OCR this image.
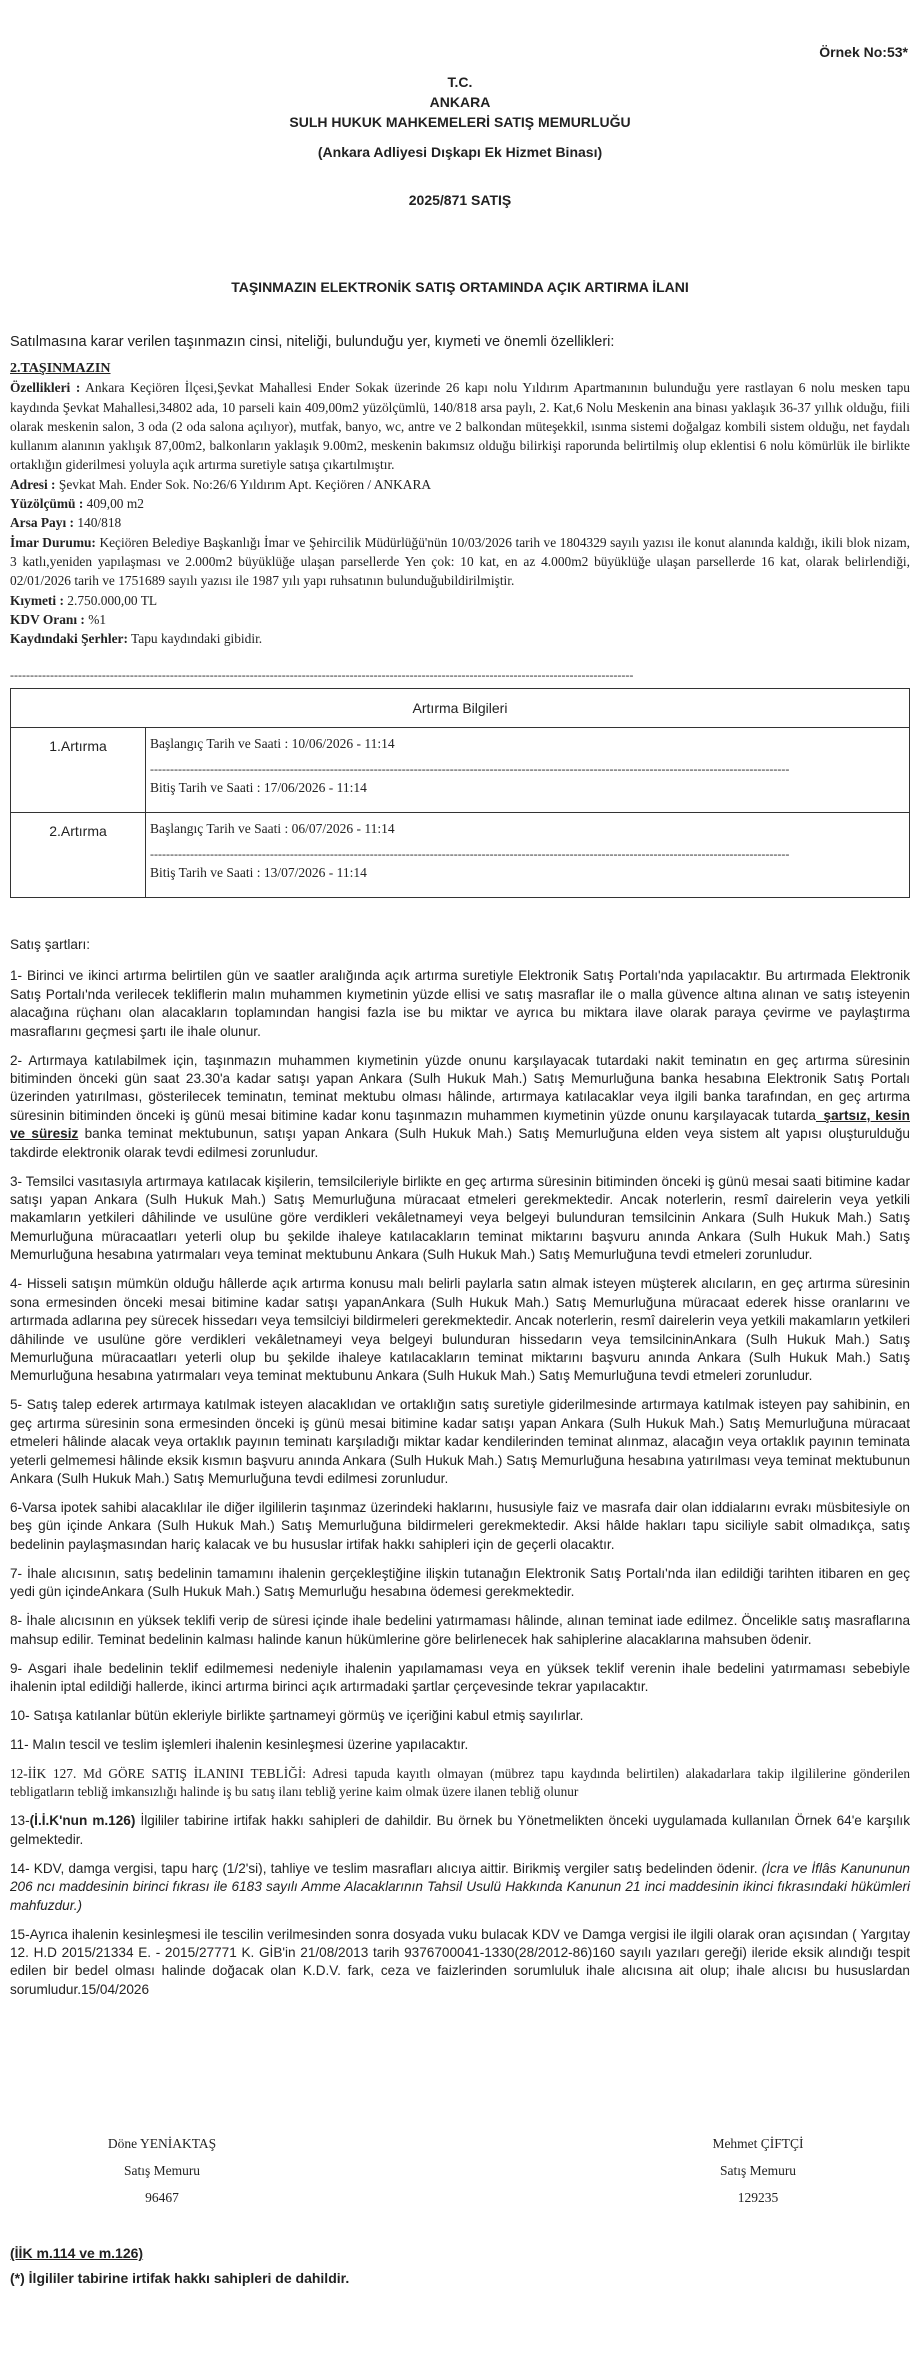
Örnek No:53*
T.C.
ANKARA
SULH HUKUK MAHKEMELERİ SATIŞ MEMURLUĞU
(Ankara Adliyesi Dışkapı Ek Hizmet Binası)
2025/871 SATIŞ
TAŞINMAZIN ELEKTRONİK SATIŞ ORTAMINDA AÇIK ARTIRMA İLANI
Satılmasına karar verilen taşınmazın cinsi, niteliği, bulunduğu yer, kıymeti ve önemli özellikleri:

2.TAŞINMAZIN

Özellikleri : Ankara Keçiören İlçesi,Şevkat Mahallesi Ender Sokak üzerinde 26 kapı nolu Yıldırım Apartmanının bulunduğu yere rastlayan 6 nolu mesken tapu kaydında Şevkat Mahallesi,34802 ada, 10 parseli kain 409,00m2 yüzölçümlü, 140/818 arsa paylı, 2. Kat,6 Nolu Meskenin ana binası yaklaşık 36-37 yıllık olduğu, fiili olarak meskenin salon, 3 oda (2 oda salona açılıyor), mutfak, banyo, wc, antre ve 2 balkondan müteşekkil, ısınma sistemi doğalgaz kombili sistem olduğu, net faydalı kullanım alanının yaklışık 87,00m2, balkonların yaklaşık 9.00m2, meskenin bakımsız olduğu bilirkişi raporunda belirtilmiş olup eklentisi 6 nolu kömürlük ile birlikte ortaklığın giderilmesi yoluyla açık artırma suretiyle satışa çıkartılmıştır.

Adresi : Şevkat Mah. Ender Sok. No:26/6 Yıldırım Apt. Keçiören / ANKARA

Yüzölçümü : 409,00 m2

Arsa Payı : 140/818

İmar Durumu: Keçiören Belediye Başkanlığı İmar ve Şehircilik Müdürlüğü'nün 10/03/2026 tarih ve 1804329 sayılı yazısı ile konut alanında kaldığı, ikili blok nizam, 3 katlı,yeniden yapılaşması ve 2.000m2 büyüklüğe ulaşan parsellerde Yen çok: 10 kat, en az 4.000m2 büyüklüğe ulaşan parsellerde 16 kat, olarak belirlendiği, 02/01/2026 tarih ve 1751689 sayılı yazısı ile 1987 yılı yapı ruhsatının bulunduğubildirilmiştir.

Kıymeti : 2.750.000,00 TL

KDV Oranı : %1

Kaydındaki Şerhler: Tapu kaydındaki gibidir.

------------------------------------------------------------------------------------------------------------------------------------------------------------
Artırma Bilgileri	
1.Artırma	Başlangıç Tarih ve Saati : 10/06/2026 - 11:14
----------------------------------------------------------------------------------------------------------------------------------------------------------------
Bitiş Tarih ve Saati : 17/06/2026 - 11:14

2.Artırma	Başlangıç Tarih ve Saati : 06/07/2026 - 11:14
----------------------------------------------------------------------------------------------------------------------------------------------------------------
Bitiş Tarih ve Saati : 13/07/2026 - 11:14

Satış şartları:

1- Birinci ve ikinci artırma belirtilen gün ve saatler aralığında açık artırma suretiyle Elektronik Satış Portalı'nda yapılacaktır. Bu artırmada Elektronik Satış Portalı'nda verilecek tekliflerin malın muhammen kıymetinin yüzde ellisi ve satış masraflar ile o malla güvence altına alınan ve satış isteyenin alacağına rüçhanı olan alacakların toplamından hangisi fazla ise bu miktar ve ayrıca bu miktara ilave olarak paraya çevirme ve paylaştırma masraflarını geçmesi şartı ile ihale olunur.

2- Artırmaya katılabilmek için, taşınmazın muhammen kıymetinin yüzde onunu karşılayacak tutardaki nakit teminatın en geç artırma süresinin bitiminden önceki gün saat 23.30'a kadar satışı yapan Ankara (Sulh Hukuk Mah.) Satış Memurluğuna banka hesabına Elektronik Satış Portalı üzerinden yatırılması, gösterilecek teminatın, teminat mektubu olması hâlinde, artırmaya katılacaklar veya ilgili banka tarafından, en geç artırma süresinin bitiminden önceki iş günü mesai bitimine kadar konu taşınmazın muhammen kıymetinin yüzde onunu karşılayacak tutarda_şartsız, kesin ve süresiz banka teminat mektubunun, satışı yapan Ankara (Sulh Hukuk Mah.) Satış Memurluğuna elden veya sistem alt yapısı oluşturulduğu takdirde elektronik olarak tevdi edilmesi zorunludur.

3- Temsilci vasıtasıyla artırmaya katılacak kişilerin, temsilcileriyle birlikte en geç artırma süresinin bitiminden önceki iş günü mesai saati bitimine kadar satışı yapan Ankara (Sulh Hukuk Mah.) Satış Memurluğuna müracaat etmeleri gerekmektedir. Ancak noterlerin, resmî dairelerin veya yetkili makamların yetkileri dâhilinde ve usulüne göre verdikleri vekâletnameyi veya belgeyi bulunduran temsilcinin Ankara (Sulh Hukuk Mah.) Satış Memurluğuna müracaatları yeterli olup bu şekilde ihaleye katılacakların teminat miktarını başvuru anında Ankara (Sulh Hukuk Mah.) Satış Memurluğuna hesabına yatırmaları veya teminat mektubunu Ankara (Sulh Hukuk Mah.) Satış Memurluğuna tevdi etmeleri zorunludur.

4- Hisseli satışın mümkün olduğu hâllerde açık artırma konusu malı belirli paylarla satın almak isteyen müşterek alıcıların, en geç artırma süresinin sona ermesinden önceki mesai bitimine kadar satışı yapanAnkara (Sulh Hukuk Mah.) Satış Memurluğuna müracaat ederek hisse oranlarını ve artırmada adlarına pey sürecek hissedarı veya temsilciyi bildirmeleri gerekmektedir. Ancak noterlerin, resmî dairelerin veya yetkili makamların yetkileri dâhilinde ve usulüne göre verdikleri vekâletnameyi veya belgeyi bulunduran hissedarın veya temsilcininAnkara (Sulh Hukuk Mah.) Satış Memurluğuna müracaatları yeterli olup bu şekilde ihaleye katılacakların teminat miktarını başvuru anında Ankara (Sulh Hukuk Mah.) Satış Memurluğuna hesabına yatırmaları veya teminat mektubunu Ankara (Sulh Hukuk Mah.) Satış Memurluğuna tevdi etmeleri zorunludur.

5- Satış talep ederek artırmaya katılmak isteyen alacaklıdan ve ortaklığın satış suretiyle giderilmesinde artırmaya katılmak isteyen pay sahibinin, en geç artırma süresinin sona ermesinden önceki iş günü mesai bitimine kadar satışı yapan Ankara (Sulh Hukuk Mah.) Satış Memurluğuna müracaat etmeleri hâlinde alacak veya ortaklık payının teminatı karşıladığı miktar kadar kendilerinden teminat alınmaz, alacağın veya ortaklık payının teminata yeterli gelmemesi hâlinde eksik kısmın başvuru anında Ankara (Sulh Hukuk Mah.) Satış Memurluğuna hesabına yatırılması veya teminat mektubunun Ankara (Sulh Hukuk Mah.) Satış Memurluğuna tevdi edilmesi zorunludur.

6-Varsa ipotek sahibi alacaklılar ile diğer ilgililerin taşınmaz üzerindeki haklarını, hususiyle faiz ve masrafa dair olan iddialarını evrakı müsbitesiyle on beş gün içinde Ankara (Sulh Hukuk Mah.) Satış Memurluğuna bildirmeleri gerekmektedir. Aksi hâlde hakları tapu siciliyle sabit olmadıkça, satış bedelinin paylaşmasından hariç kalacak ve bu hususlar irtifak hakkı sahipleri için de geçerli olacaktır.

7- İhale alıcısının, satış bedelinin tamamını ihalenin gerçekleştiğine ilişkin tutanağın Elektronik Satış Portalı'nda ilan edildiği tarihten itibaren en geç yedi gün içindeAnkara (Sulh Hukuk Mah.) Satış Memurluğu hesabına ödemesi gerekmektedir.

8- İhale alıcısının en yüksek teklifi verip de süresi içinde ihale bedelini yatırmaması hâlinde, alınan teminat iade edilmez. Öncelikle satış masraflarına mahsup edilir. Teminat bedelinin kalması halinde kanun hükümlerine göre belirlenecek hak sahiplerine alacaklarına mahsuben ödenir.

9- Asgari ihale bedelinin teklif edilmemesi nedeniyle ihalenin yapılamaması veya en yüksek teklif verenin ihale bedelini yatırmaması sebebiyle ihalenin iptal edildiği hallerde, ikinci artırma birinci açık artırmadaki şartlar çerçevesinde tekrar yapılacaktır.

10- Satışa katılanlar bütün ekleriyle birlikte şartnameyi görmüş ve içeriğini kabul etmiş sayılırlar.

11- Malın tescil ve teslim işlemleri ihalenin kesinleşmesi üzerine yapılacaktır.

12-İİK 127. Md GÖRE SATIŞ İLANINI TEBLİĞİ: Adresi tapuda kayıtlı olmayan (mübrez tapu kaydında belirtilen) alakadarlara takip ilgililerine gönderilen tebligatların tebliğ imkansızlığı halinde iş bu satış ilanı tebliğ yerine kaim olmak üzere ilanen tebliğ olunur

13-(İ.İ.K'nun m.126) İlgililer tabirine irtifak hakkı sahipleri de dahildir. Bu örnek bu Yönetmelikten önceki uygulamada kullanılan Örnek 64'e karşılık gelmektedir.

14- KDV, damga vergisi, tapu harç (1/2'si), tahliye ve teslim masrafları alıcıya aittir. Birikmiş vergiler satış bedelinden ödenir. (İcra ve İflâs Kanununun 206 ncı maddesinin birinci fıkrası ile 6183 sayılı Amme Alacaklarının Tahsil Usulü Hakkında Kanunun 21 inci maddesinin ikinci fıkrasındaki hükümleri mahfuzdur.)

15-Ayrıca ihalenin kesinleşmesi ile tescilin verilmesinden sonra dosyada vuku bulacak KDV ve Damga vergisi ile ilgili olarak oran açısından ( Yargıtay 12. H.D 2015/21334 E. - 2015/27771 K. GİB'in 21/08/2013 tarih 9376700041-1330(28/2012-86)160 sayılı yazıları gereği) ileride eksik alındığı tespit edilen bir bedel olması halinde doğacak olan K.D.V. fark, ceza ve faizlerinden sorumluluk ihale alıcısına ait olup; ihale alıcısı bu hususlardan sorumludur.15/04/2026

Döne YENİAKTAŞ
Satış Memuru
96467
Mehmet ÇİFTÇİ
Satış Memuru
129235
(İİK m.114 ve m.126)
(*) İlgililer tabirine irtifak hakkı sahipleri de dahildir.
